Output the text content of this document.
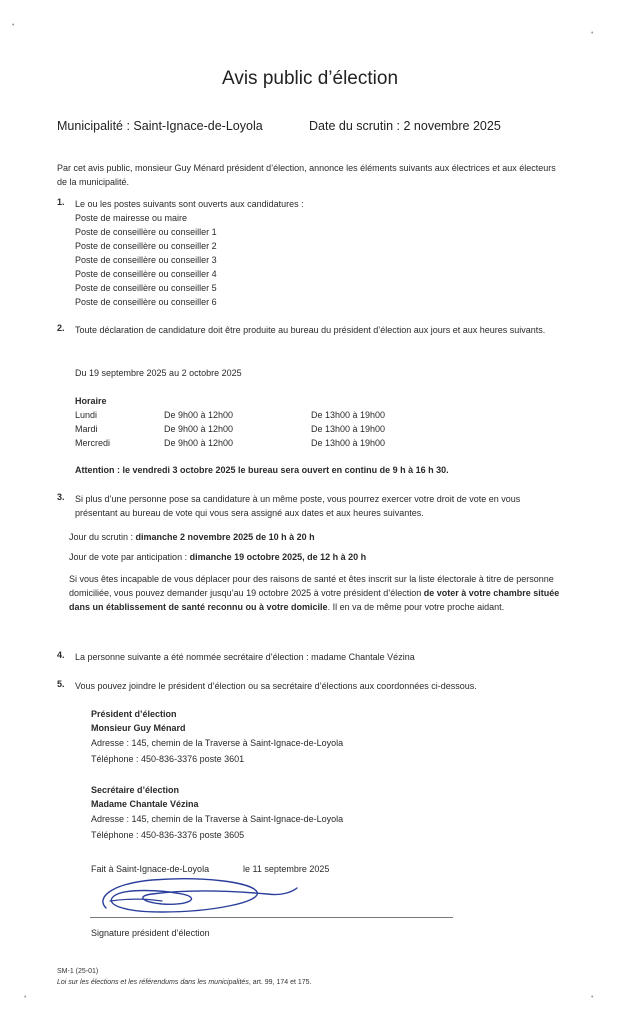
•
•
•	•
Avis public d’élection
Municipalité : Saint-Ignace-de-Loyola	Date du scrutin : 2 novembre 2025
Par cet avis public, monsieur Guy Ménard président d’élection, annonce les éléments suivants aux électrices et aux électeurs de la municipalité.
1. Le ou les postes suivants sont ouverts aux candidatures :
Poste de mairesse ou maire
Poste de conseillère ou conseiller 1
Poste de conseillère ou conseiller 2
Poste de conseillère ou conseiller 3
Poste de conseillère ou conseiller 4
Poste de conseillère ou conseiller 5
Poste de conseillère ou conseiller 6
2. Toute déclaration de candidature doit être produite au bureau du président d’élection aux jours et aux heures suivants.
Du 19 septembre 2025 au 2 octobre 2025
Horaire
Lundi	De 9h00 à 12h00	De 13h00 à 19h00
Mardi	De 9h00 à 12h00	De 13h00 à 19h00
Mercredi	De 9h00 à 12h00	De 13h00 à 19h00
Attention : le vendredi 3 octobre 2025 le bureau sera ouvert en continu de 9 h à 16 h 30.
3. Si plus d’une personne pose sa candidature à un même poste, vous pourrez exercer votre droit de vote en vous présentant au bureau de vote qui vous sera assigné aux dates et aux heures suivantes.
Jour du scrutin : dimanche 2 novembre 2025 de 10 h à 20 h
Jour de vote par anticipation : dimanche 19 octobre 2025, de 12 h à 20 h
Si vous êtes incapable de vous déplacer pour des raisons de santé et êtes inscrit sur la liste électorale à titre de personne domiciliée, vous pouvez demander jusqu’au 19 octobre 2025 à votre président d’élection de voter à votre chambre située dans un établissement de santé reconnu ou à votre domicile. Il en va de même pour votre proche aidant.
4. La personne suivante a été nommée secrétaire d’élection : madame Chantale Vézina
5. Vous pouvez joindre le président d’élection ou sa secrétaire d’élections aux coordonnées ci-dessous.
Président d’élection
Monsieur Guy Ménard
Adresse : 145, chemin de la Traverse à Saint-Ignace-de-Loyola
Téléphone : 450-836-3376 poste 3601
Secrétaire d’élection
Madame Chantale Vézina
Adresse : 145, chemin de la Traverse à Saint-Ignace-de-Loyola
Téléphone : 450-836-3376 poste 3605
Fait à Saint-Ignace-de-Loyola	le 11 septembre 2025
Signature président d’élection
SM-1 (25-01)
Loi sur les élections et les référendums dans les municipalités, art. 99, 174 et 175.
